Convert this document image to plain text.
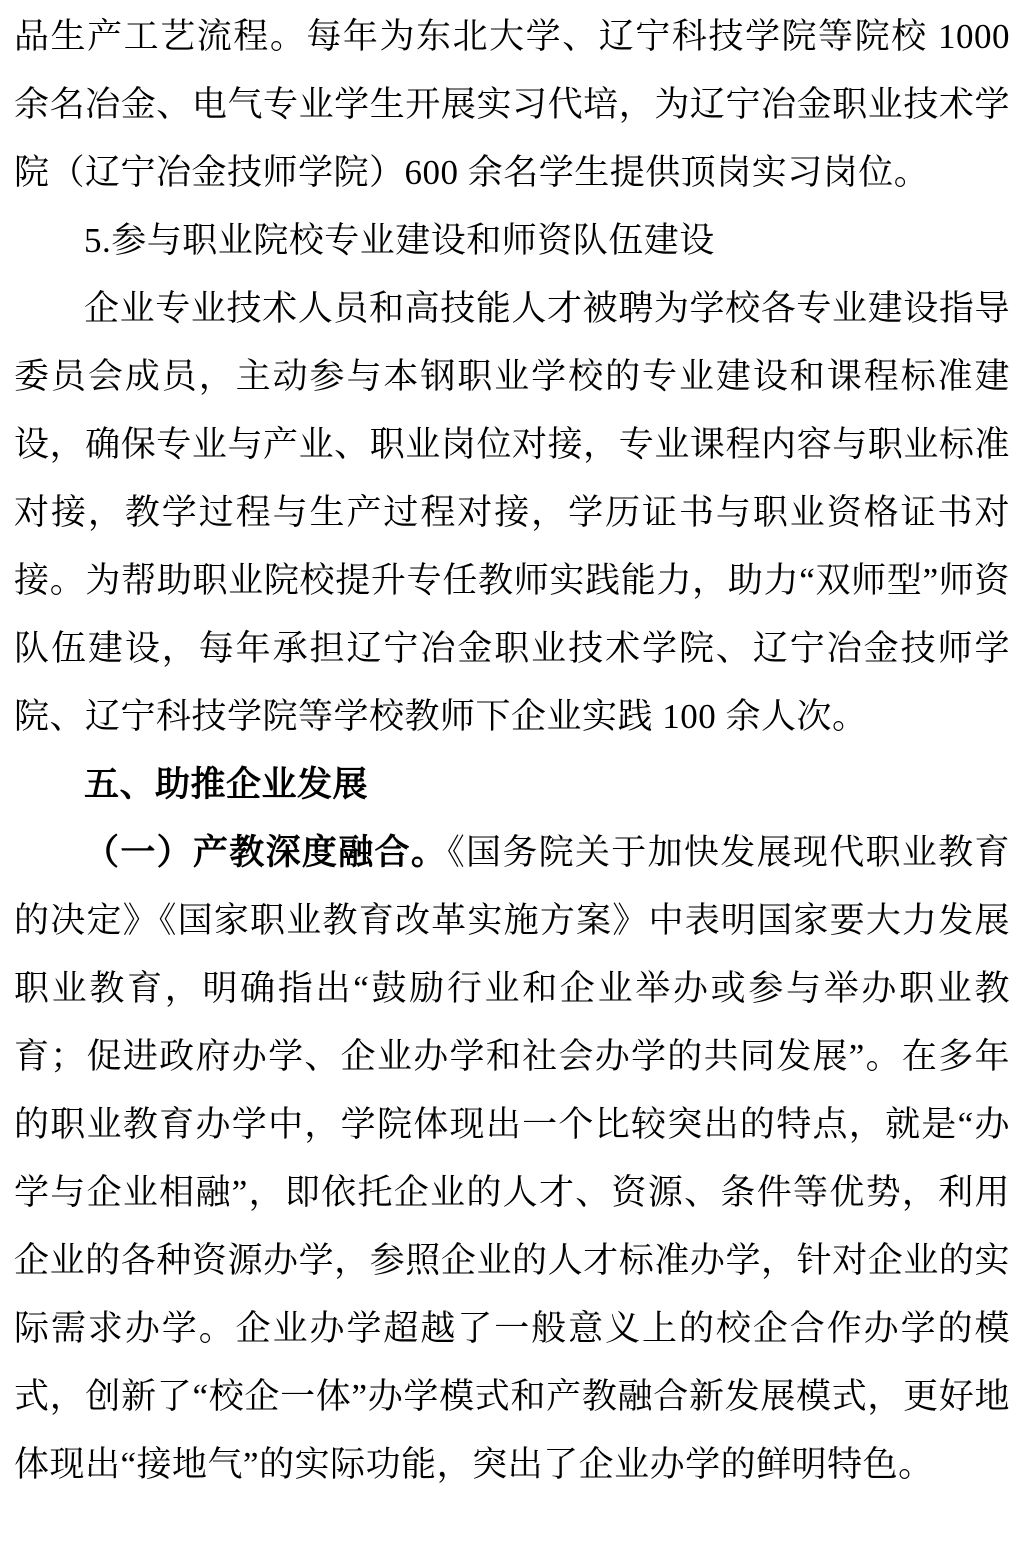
品生产工艺流程。每年为东北大学、辽宁科技学院等院校 1000 余名冶金、电气专业学生开展实习代培，为辽宁冶金职业技术学院（辽宁冶金技师学院）600 余名学生提供顶岗实习岗位。

5.参与职业院校专业建设和师资队伍建设

企业专业技术人员和高技能人才被聘为学校各专业建设指导委员会成员，主动参与本钢职业学校的专业建设和课程标准建设，确保专业与产业、职业岗位对接，专业课程内容与职业标准对接，教学过程与生产过程对接，学历证书与职业资格证书对接。为帮助职业院校提升专任教师实践能力，助力“双师型”师资队伍建设，每年承担辽宁冶金职业技术学院、辽宁冶金技师学院、辽宁科技学院等学校教师下企业实践 100 余人次。

五、助推企业发展

（一）产教深度融合。《国务院关于加快发展现代职业教育的决定》《国家职业教育改革实施方案》中表明国家要大力发展职业教育，明确指出“鼓励行业和企业举办或参与举办职业教育；促进政府办学、企业办学和社会办学的共同发展”。在多年的职业教育办学中，学院体现出一个比较突出的特点，就是“办学与企业相融”，即依托企业的人才、资源、条件等优势，利用企业的各种资源办学，参照企业的人才标准办学，针对企业的实际需求办学。企业办学超越了一般意义上的校企合作办学的模式，创新了“校企一体”办学模式和产教融合新发展模式，更好地体现出“接地气”的实际功能，突出了企业办学的鲜明特色。
